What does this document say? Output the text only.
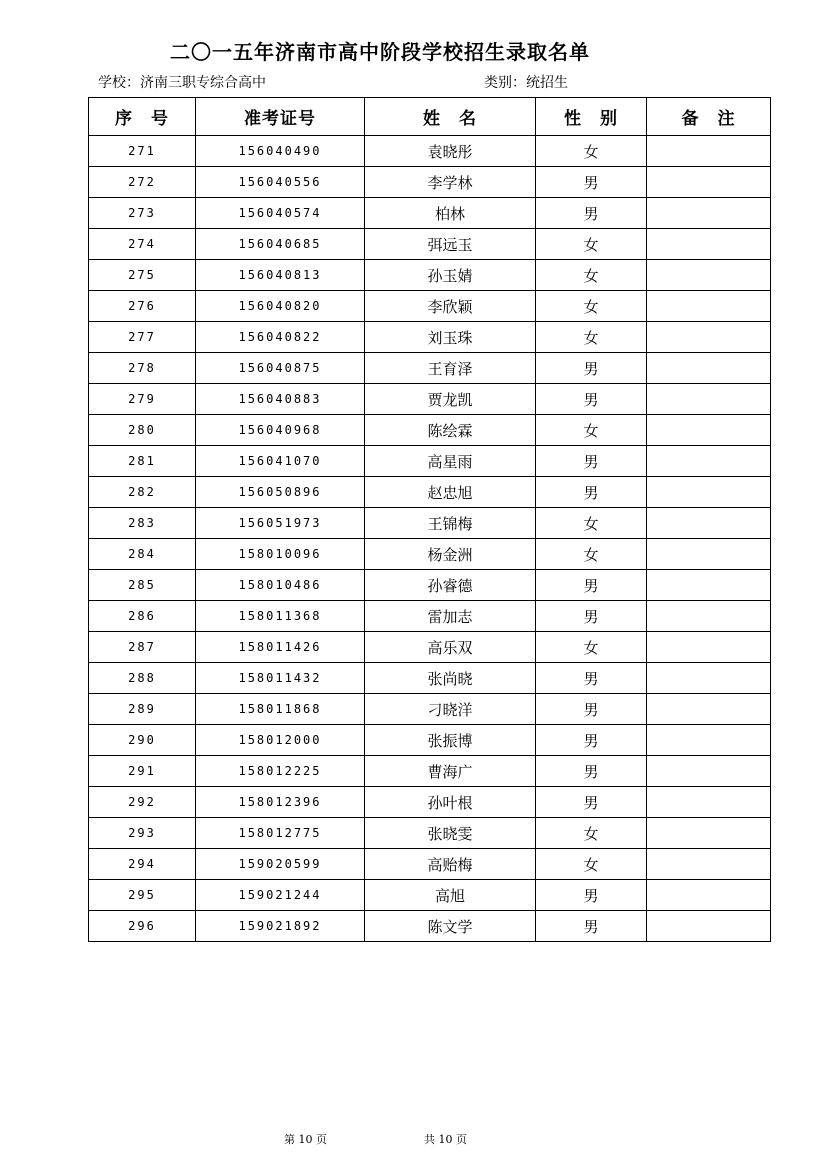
二〇一五年济南市高中阶段学校招生录取名单
学校：济南三职专综合高中	类别：统招生
序　号	准考证号	姓　名	性　别	备　注
271	156040490	袁晓彤	女	
272	156040556	李学林	男	
273	156040574	柏林	男	
274	156040685	弭远玉	女	
275	156040813	孙玉婧	女	
276	156040820	李欣颖	女	
277	156040822	刘玉珠	女	
278	156040875	王育泽	男	
279	156040883	贾龙凯	男	
280	156040968	陈绘霖	女	
281	156041070	高星雨	男	
282	156050896	赵忠旭	男	
283	156051973	王锦梅	女	
284	158010096	杨金洲	女	
285	158010486	孙睿德	男	
286	158011368	雷加志	男	
287	158011426	高乐双	女	
288	158011432	张尚晓	男	
289	158011868	刁晓洋	男	
290	158012000	张振博	男	
291	158012225	曹海广	男	
292	158012396	孙叶根	男	
293	158012775	张晓雯	女	
294	159020599	高贻梅	女	
295	159021244	高旭	男	
296	159021892	陈文学	男	
第 10 页	共 10 页
